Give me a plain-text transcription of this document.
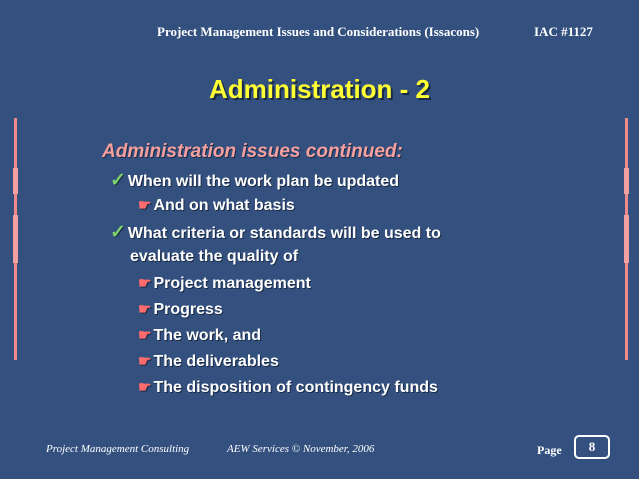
Project Management Issues and Considerations (Issacons)	IAC #1127
Administration - 2
Administration issues continued:
✓ When will the work plan be updated
☛ And on what basis
✓ What criteria or standards will be used to
evaluate the quality of
☛ Project management
☛ Progress
☛ The work, and
☛ The deliverables
☛ The disposition of contingency funds
Project Management Consulting	AEW Services © November, 2006	Page	8
